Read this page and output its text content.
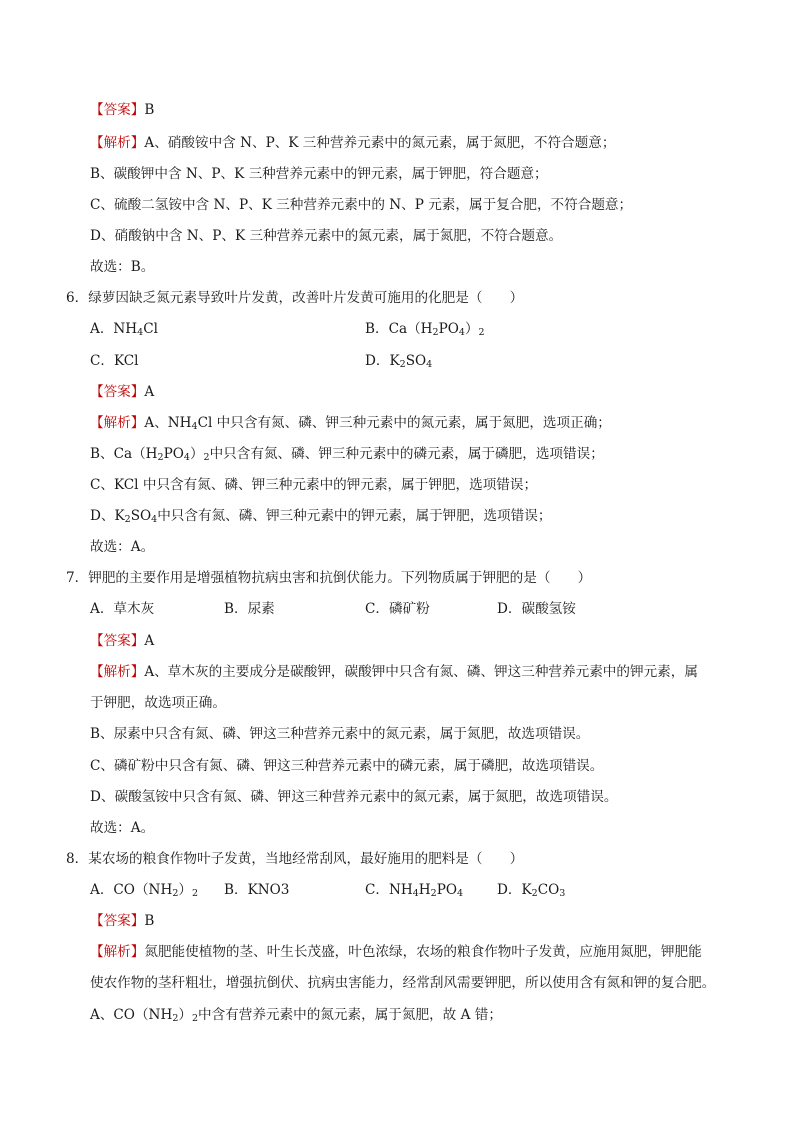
【答案】B
【解析】A、硝酸铵中含 N、P、K 三种营养元素中的氮元素，属于氮肥，不符合题意；
B、碳酸钾中含 N、P、K 三种营养元素中的钾元素，属于钾肥，符合题意；
C、硫酸二氢铵中含 N、P、K 三种营养元素中的 N、P 元素，属于复合肥，不符合题意；
D、硝酸钠中含 N、P、K 三种营养元素中的氮元素，属于氮肥，不符合题意。
故选：B。
6．绿萝因缺乏氮元素导致叶片发黄，改善叶片发黄可施用的化肥是（　　）
A．$NH_4Cl$	B．$Ca(H_2PO_4)_2$
C．KCl	D．$K_2SO_4$
【答案】A
【解析】A、$NH_4Cl$ 中只含有氮、磷、钾三种元素中的氮元素，属于氮肥，选项正确；
B、$Ca(H_2PO_4)_2$中只含有氮、磷、钾三种元素中的磷元素，属于磷肥，选项错误；
C、KCl 中只含有氮、磷、钾三种元素中的钾元素，属于钾肥，选项错误；
D、$K_2SO_4$中只含有氮、磷、钾三种元素中的钾元素，属于钾肥，选项错误；
故选：A。
7．钾肥的主要作用是增强植物抗病虫害和抗倒伏能力。下列物质属于钾肥的是（　　）
A．草木灰	B．尿素	C．磷矿粉	D．碳酸氢铵
【答案】A
【解析】A、草木灰的主要成分是碳酸钾，碳酸钾中只含有氮、磷、钾这三种营养元素中的钾元素，属
于钾肥，故选项正确。
B、尿素中只含有氮、磷、钾这三种营养元素中的氮元素，属于氮肥，故选项错误。
C、磷矿粉中只含有氮、磷、钾这三种营养元素中的磷元素，属于磷肥，故选项错误。
D、碳酸氢铵中只含有氮、磷、钾这三种营养元素中的氮元素，属于氮肥，故选项错误。
故选：A。
8．某农场的粮食作物叶子发黄，当地经常刮风，最好施用的肥料是（　　）
A．$CO(NH_2)_2$ B．KNO3	C．$NH_4H_2PO_4$ D．$K_2CO_3$
【答案】B
【解析】氮肥能使植物的茎、叶生长茂盛，叶色浓绿，农场的粮食作物叶子发黄，应施用氮肥，钾肥能
使农作物的茎秆粗壮，增强抗倒伏、抗病虫害能力，经常刮风需要钾肥，所以使用含有氮和钾的复合肥。
A、$CO(NH_2)_2$中含有营养元素中的氮元素，属于氮肥，故 A 错；
